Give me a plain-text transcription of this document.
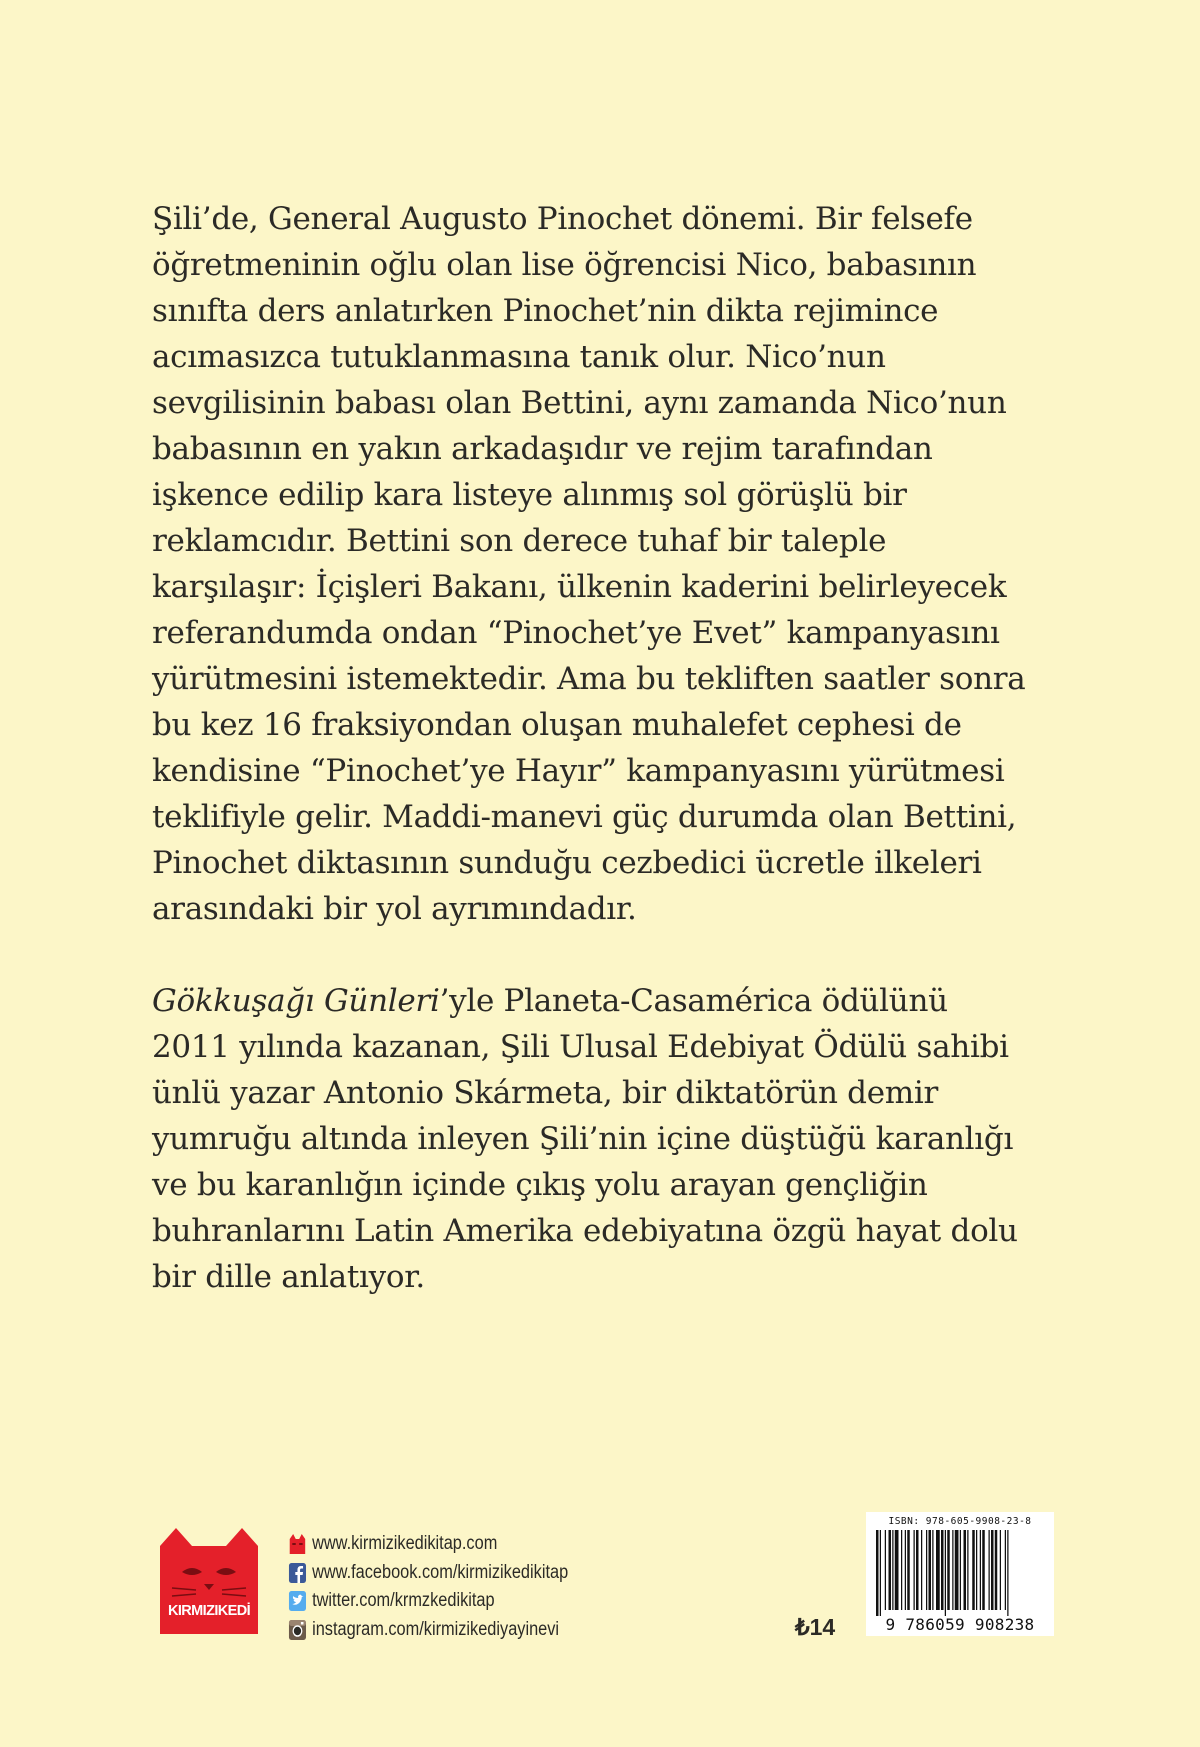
Şili’de, General Augusto Pinochet dönemi. Bir felsefe öğretmeninin oğlu olan lise öğrencisi Nico, babasının sınıfta ders anlatırken Pinochet’nin dikta rejimince acımasızca tutuklanmasına tanık olur. Nico’nun sevgilisinin babası olan Bettini, aynı zamanda Nico’nun babasının en yakın arkadaşıdır ve rejim tarafından işkence edilip kara listeye alınmış sol görüşlü bir reklamcıdır. Bettini son derece tuhaf bir taleple karşılaşır: İçişleri Bakanı, ülkenin kaderini belirleyecek referandumda ondan “Pinochet’ye Evet” kampanyasını yürütmesini istemektedir. Ama bu tekliften saatler sonra bu kez 16 fraksiyondan oluşan muhalefet cephesi de kendisine “Pinochet’ye Hayır” kampanyasını yürütmesi teklifiyle gelir. Maddi-manevi güç durumda olan Bettini, Pinochet diktasının sunduğu cezbedici ücretle ilkeleri arasındaki bir yol ayrımındadır.

Gökkuşağı Günleri’yle Planeta-Casamérica ödülünü 2011 yılında kazanan, Şili Ulusal Edebiyat Ödülü sahibi ünlü yazar Antonio Skármeta, bir diktatörün demir yumruğu altında inleyen Şili’nin içine düştüğü karanlığı ve bu karanlığın içinde çıkış yolu arayan gençliğin buhranlarını Latin Amerika edebiyatına özgü hayat dolu bir dille anlatıyor.

KIRMIZIKEDİ
www.kirmizikedikitap.com
www.facebook.com/kirmizikedikitap
twitter.com/krmzkedikitap
instagram.com/kirmizikediyayinevi	₺14
ISBN: 978-605-9908-23-8
9 786059 908238
